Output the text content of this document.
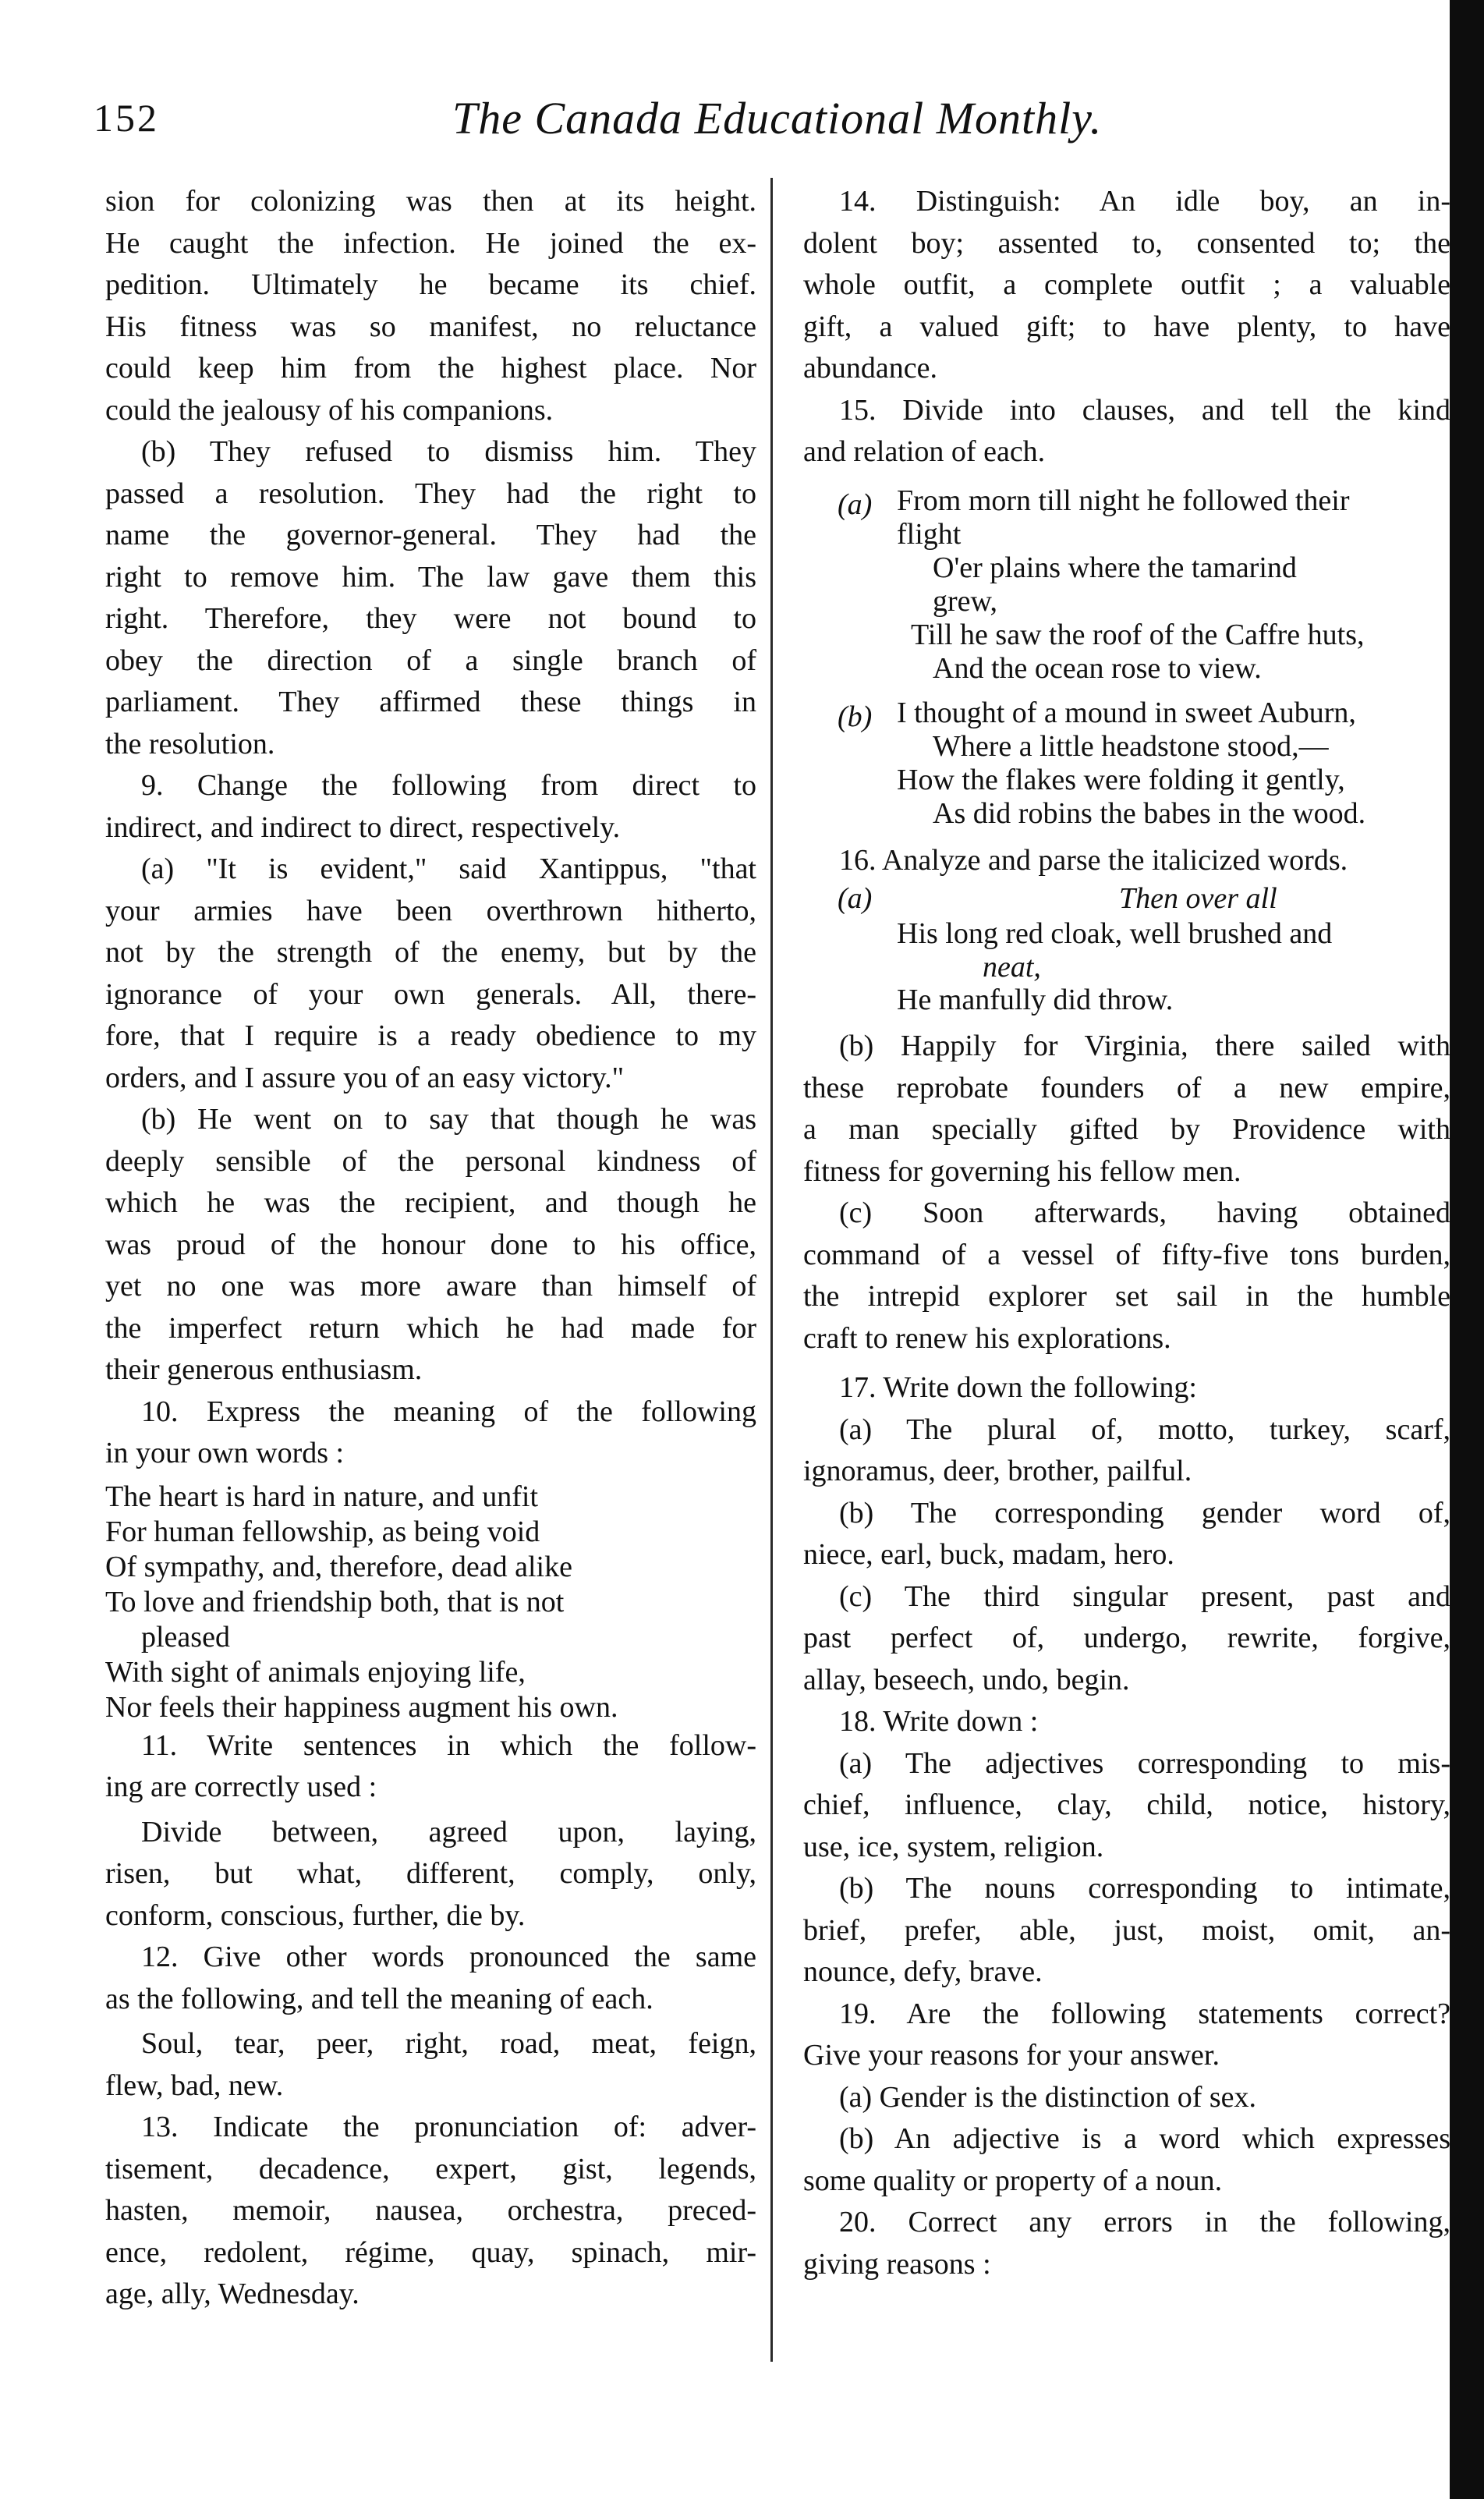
152	The Canada Educational Monthly.

sion for colonizing was then at its height.

He caught the infection. He joined the ex-

pedition. Ultimately he became its chief.

His fitness was so manifest, no reluctance

could keep him from the highest place. Nor

could the jealousy of his companions.

(b) They refused to dismiss him. They

passed a resolution. They had the right to

name the governor-general. They had the

right to remove him. The law gave them this

right. Therefore, they were not bound to

obey the direction of a single branch of

parliament. They affirmed these things in

the resolution.

9. Change the following from direct to

indirect, and indirect to direct, respectively.

(a) "It is evident," said Xantippus, "that

your armies have been overthrown hitherto,

not by the strength of the enemy, but by the

ignorance of your own generals. All, there-

fore, that I require is a ready obedience to my

orders, and I assure you of an easy victory."

(b) He went on to say that though he was

deeply sensible of the personal kindness of

which he was the recipient, and though he

was proud of the honour done to his office,

yet no one was more aware than himself of

the imperfect return which he had made for

their generous enthusiasm.

10. Express the meaning of the following

in your own words :

The heart is hard in nature, and unfit

For human fellowship, as being void

Of sympathy, and, therefore, dead alike

To love and friendship both, that is not

pleased

With sight of animals enjoying life,

Nor feels their happiness augment his own.

11. Write sentences in which the follow-

ing are correctly used :

Divide between, agreed upon, laying,

risen, but what, different, comply, only,

conform, conscious, further, die by.

12. Give other words pronounced the same

as the following, and tell the meaning of each.

Soul, tear, peer, right, road, meat, feign,

flew, bad, new.

13. Indicate the pronunciation of: adver-

tisement, decadence, expert, gist, legends,

hasten, memoir, nausea, orchestra, preced-

ence, redolent, régime, quay, spinach, mir-

age, ally, Wednesday.

14. Distinguish: An idle boy, an in-

dolent boy; assented to, consented to; the

whole outfit, a complete outfit ; a valuable

gift, a valued gift; to have plenty, to have

abundance.

15. Divide into clauses, and tell the kind

and relation of each.

(a) From morn till night he followed their

flight

O'er plains where the tamarind

grew,

Till he saw the roof of the Caffre huts,

And the ocean rose to view.

(b) I thought of a mound in sweet Auburn,

Where a little headstone stood,—

How the flakes were folding it gently,

As did robins the babes in the wood.

16. Analyze and parse the italicized words.

(a)	Then over all

His long red cloak, well brushed and

neat,

He manfully did throw.

(b) Happily for Virginia, there sailed with

these reprobate founders of a new empire,

a man specially gifted by Providence with

fitness for governing his fellow men.

(c) Soon afterwards, having obtained

command of a vessel of fifty-five tons burden,

the intrepid explorer set sail in the humble

craft to renew his explorations.

17. Write down the following:

(a) The plural of, motto, turkey, scarf,

ignoramus, deer, brother, pailful.

(b) The corresponding gender word of,

niece, earl, buck, madam, hero.

(c) The third singular present, past and

past perfect of, undergo, rewrite, forgive,

allay, beseech, undo, begin.

18. Write down :

(a) The adjectives corresponding to mis-

chief, influence, clay, child, notice, history,

use, ice, system, religion.

(b) The nouns corresponding to intimate,

brief, prefer, able, just, moist, omit, an-

nounce, defy, brave.

19. Are the following statements correct?

Give your reasons for your answer.

(a) Gender is the distinction of sex.

(b) An adjective is a word which expresses

some quality or property of a noun.

20. Correct any errors in the following,

giving reasons :
